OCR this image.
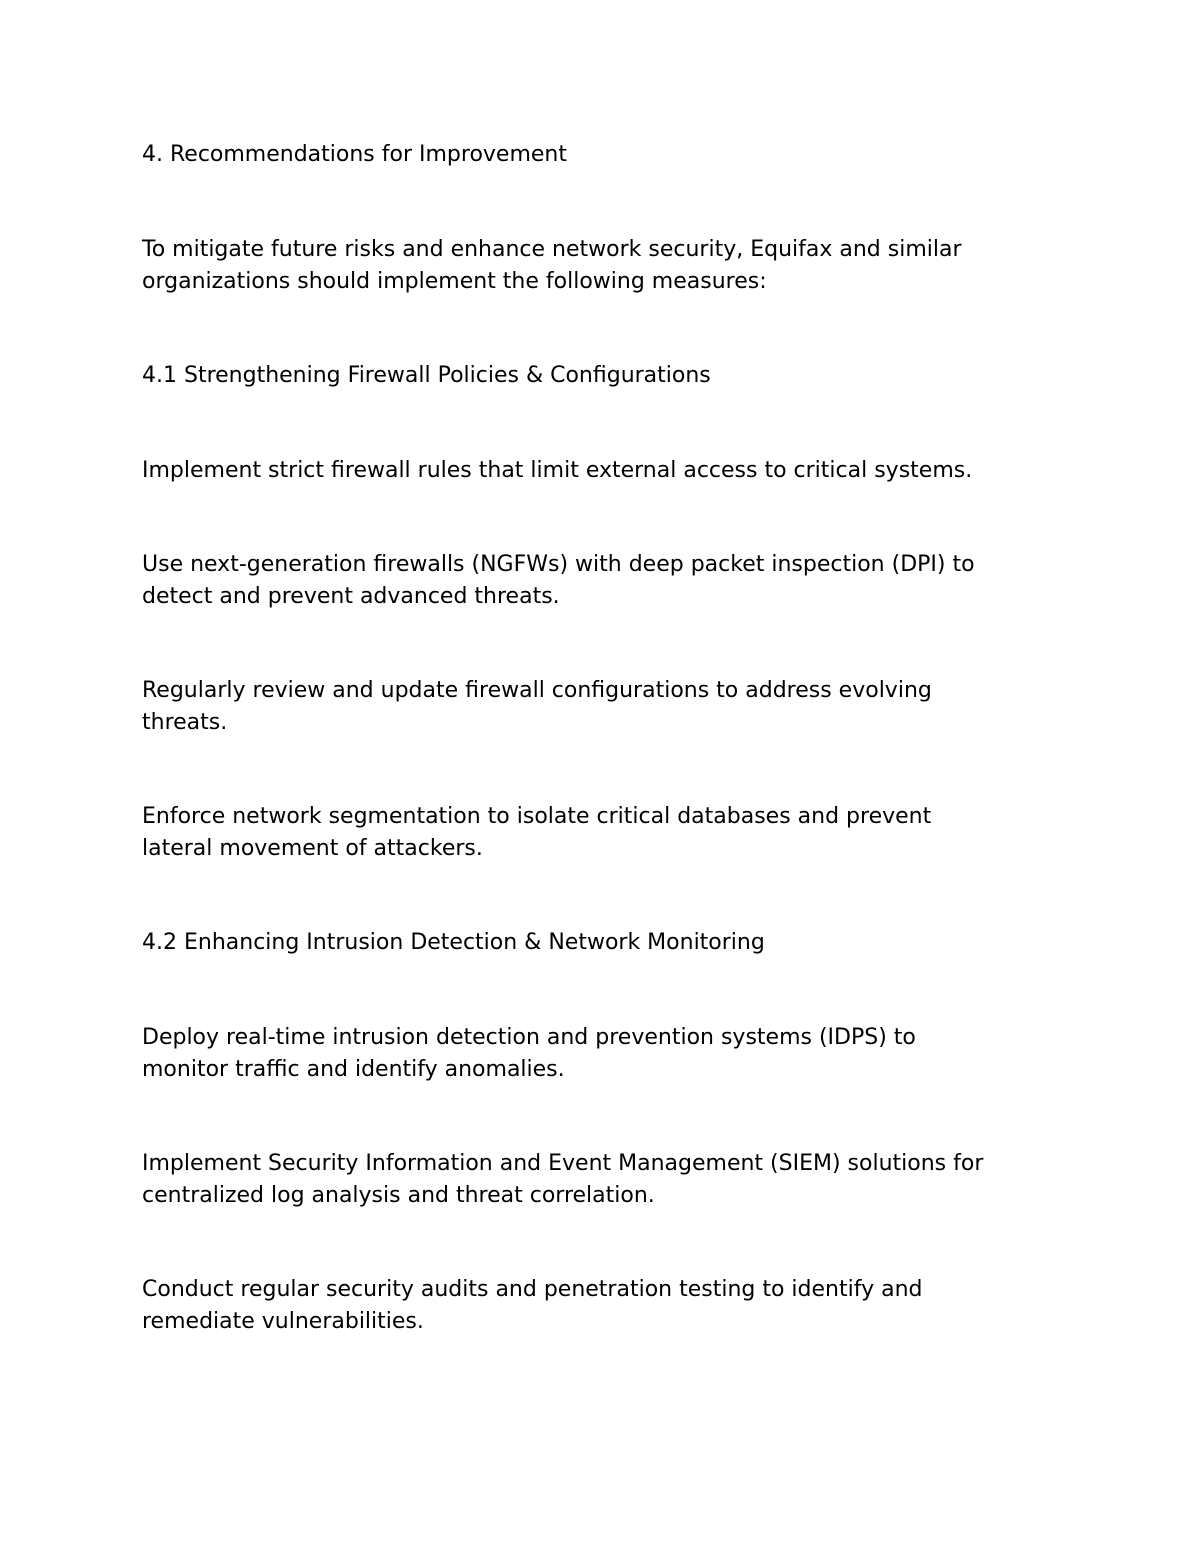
4. Recommendations for Improvement

To mitigate future risks and enhance network security, Equifax and similar
organizations should implement the following measures:

4.1 Strengthening Firewall Policies & Configurations

Implement strict firewall rules that limit external access to critical systems.

Use next-generation firewalls (NGFWs) with deep packet inspection (DPI) to
detect and prevent advanced threats.

Regularly review and update firewall configurations to address evolving
threats.

Enforce network segmentation to isolate critical databases and prevent
lateral movement of attackers.

4.2 Enhancing Intrusion Detection & Network Monitoring

Deploy real-time intrusion detection and prevention systems (IDPS) to
monitor traffic and identify anomalies.

Implement Security Information and Event Management (SIEM) solutions for
centralized log analysis and threat correlation.

Conduct regular security audits and penetration testing to identify and
remediate vulnerabilities.
